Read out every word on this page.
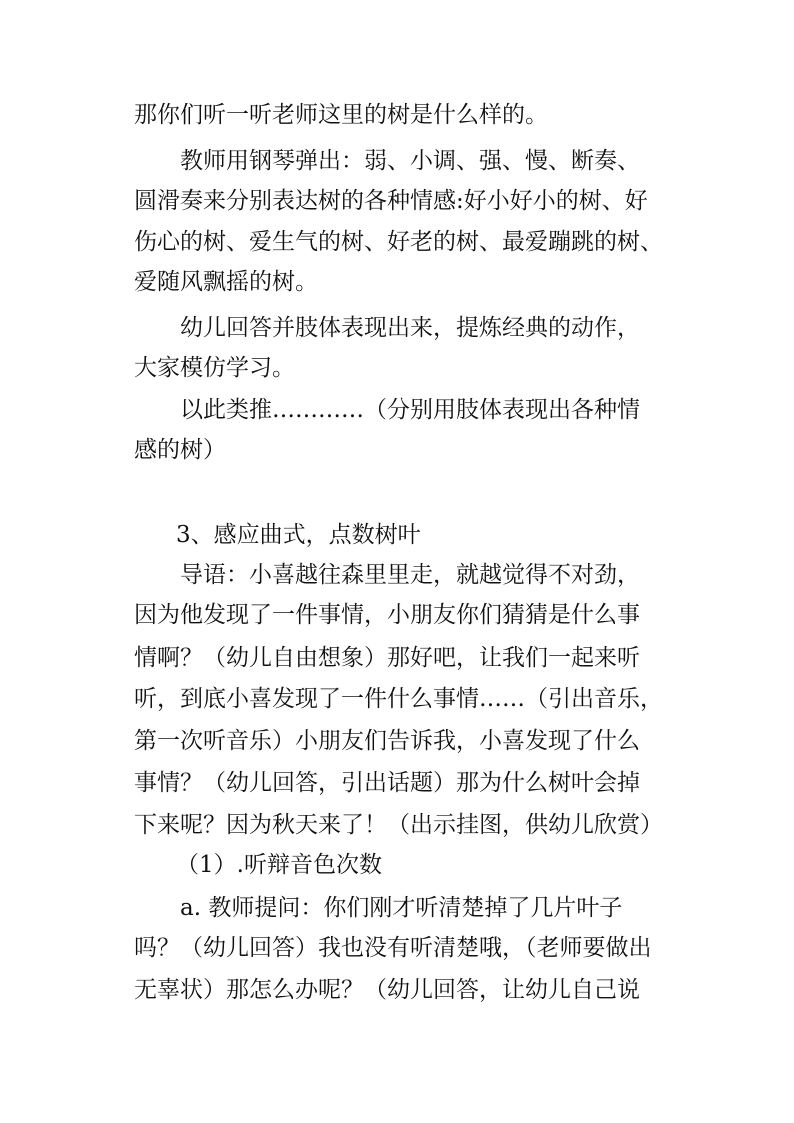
那你们听一听老师这里的树是什么样的。
教师用钢琴弹出：弱、小调、强、慢、断奏、
圆滑奏来分别表达树的各种情感:好小好小的树、好
伤心的树、爱生气的树、好老的树、最爱蹦跳的树、
爱随风飘摇的树。
幼儿回答并肢体表现出来，提炼经典的动作，
大家模仿学习。
以此类推…………（分别用肢体表现出各种情
感的树）
3、感应曲式，点数树叶
导语：小喜越往森里里走，就越觉得不对劲，
因为他发现了一件事情，小朋友你们猜猜是什么事
情啊？（幼儿自由想象）那好吧，让我们一起来听
听，到底小喜发现了一件什么事情……（引出音乐，
第一次听音乐）小朋友们告诉我，小喜发现了什么
事情？（幼儿回答，引出话题）那为什么树叶会掉
下来呢？因为秋天来了！（出示挂图，供幼儿欣赏）
（1）.听辩音色次数
a. 教师提问：你们刚才听清楚掉了几片叶子
吗？（幼儿回答）我也没有听清楚哦，（老师要做出
无辜状）那怎么办呢？（幼儿回答，让幼儿自己说
